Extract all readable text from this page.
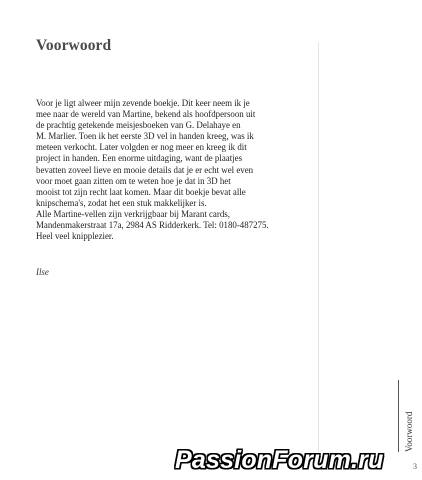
Voorwoord
Voor je ligt alweer mijn zevende boekje. Dit keer neem ik je
mee naar de wereld van Martine, bekend als hoofdpersoon uit
de prachtig getekende meisjesboeken van G. Delahaye en
M. Marlier. Toen ik het eerste 3D vel in handen kreeg, was ik
meteen verkocht. Later volgden er nog meer en kreeg ik dit
project in handen. Een enorme uitdaging, want de plaatjes
bevatten zoveel lieve en mooie details dat je er echt wel even
voor moet gaan zitten om te weten hoe je dat in 3D het
mooist tot zijn recht laat komen. Maar dit boekje bevat alle
knipschema's, zodat het een stuk makkelijker is.
Alle Martine-vellen zijn verkrijgbaar bij Marant cards,
Mandenmakerstraat 17a, 2984 AS Ridderkerk. Tel: 0180-487275.
Heel veel knipplezier.
Ilse
Voorwoord
3
PassionForum.ru
